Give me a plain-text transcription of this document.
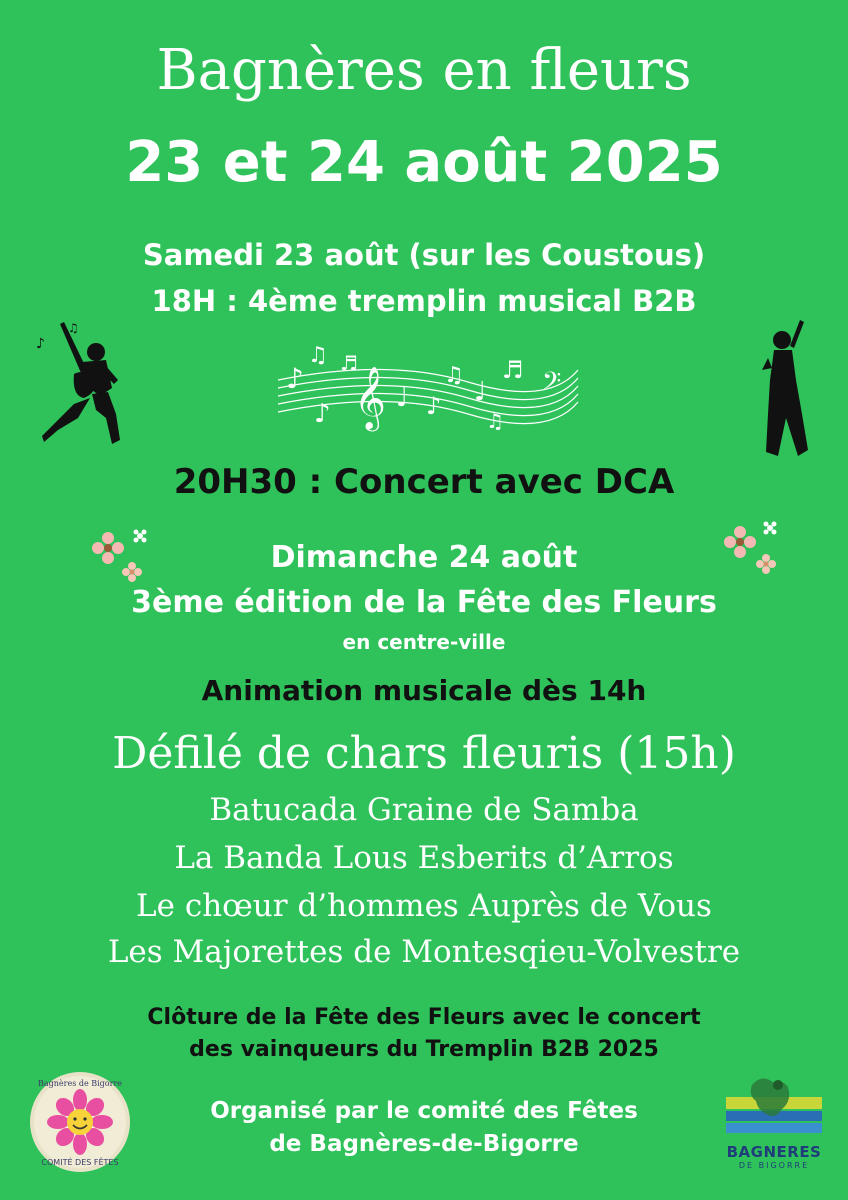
Bagnères en fleurs
23 et 24 août 2025
Samedi 23 août (sur les Coustous)
18H : 4ème tremplin musical B2B
♪
♫
♪
♫
♪
♬
𝄞 ♩ ♪
♫
♩
♬
♫
𝄢
20H30 : Concert avec DCA
Dimanche 24 août
3ème édition de la Fête des Fleurs
en centre-ville
Animation musicale dès 14h
Défilé de chars fleuris (15h)
Batucada Graine de Samba
La Banda Lous Esberits d’Arros
Le chœur d’hommes Auprès de Vous
Les Majorettes de Montesqieu-Volvestre
Clôture de la Fête des Fleurs avec le concert
des vainqueurs du Tremplin B2B 2025
Organisé par le comité des Fêtes
de Bagnères-de-Bigorre
Bagnères de Bigorre
COMITÉ DES FÊTES
BAGNERES
DE BIGORRE
